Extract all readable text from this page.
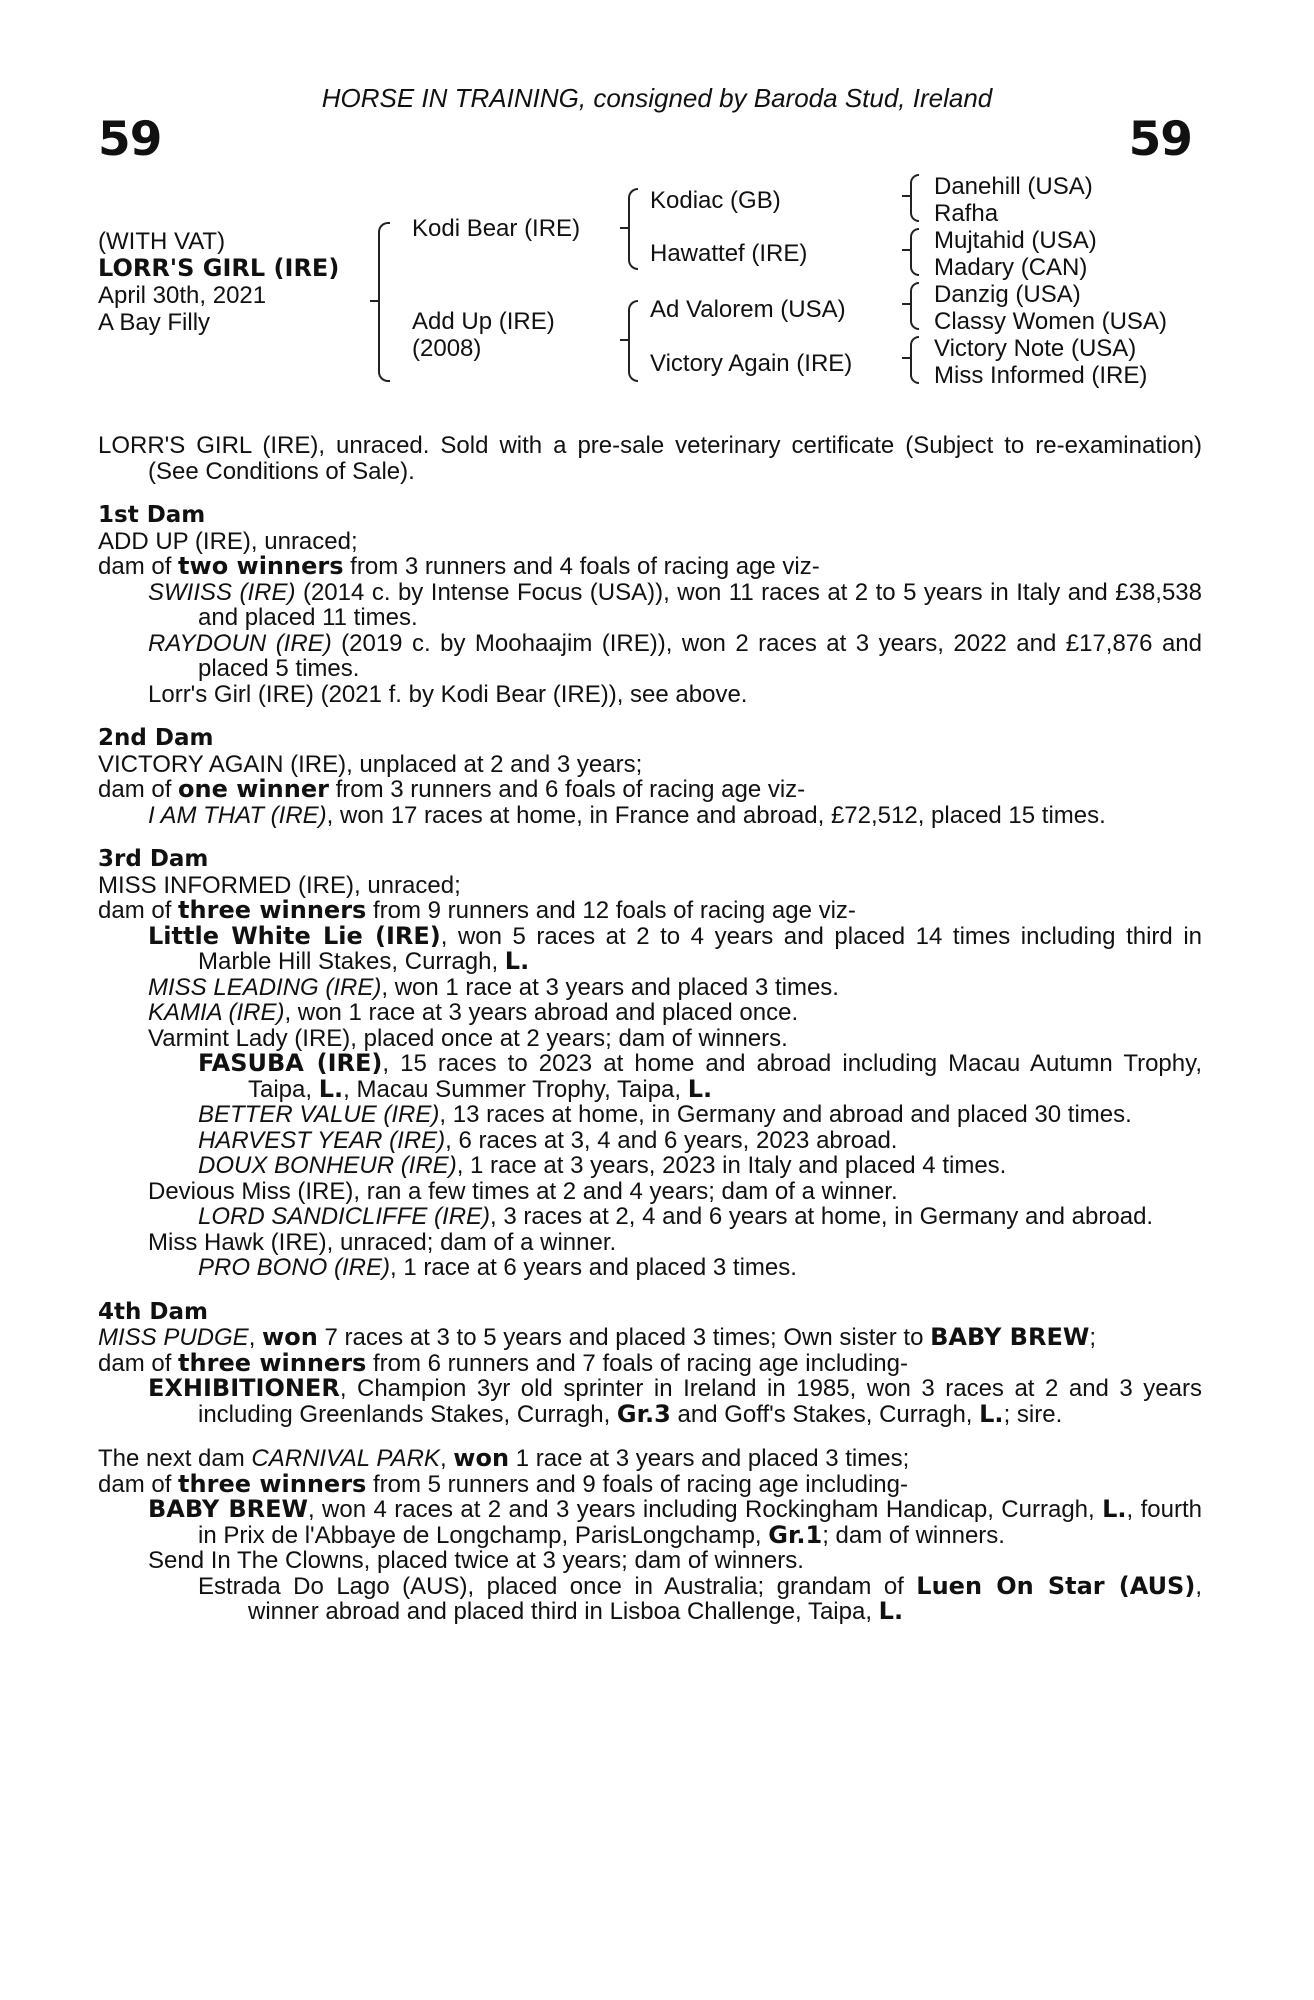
HORSE IN TRAINING, consigned by Baroda Stud, Ireland
59	59
(WITH VAT)
LORR'S GIRL (IRE)
April 30th, 2021
A Bay Filly
Kodi Bear (IRE)
Add Up (IRE)
(2008)
Kodiac (GB)
Hawattef (IRE)
Ad Valorem (USA)
Victory Again (IRE)
Danehill (USA)
Rafha
Mujtahid (USA)
Madary (CAN)
Danzig (USA)
Classy Women (USA)
Victory Note (USA)
Miss Informed (IRE)
LORR'S GIRL (IRE), unraced. Sold with a pre-sale veterinary certificate (Subject to re-examination) (See Conditions of Sale).
1st Dam
ADD UP (IRE), unraced;
dam of two winners from 3 runners and 4 foals of racing age viz-
SWIISS (IRE) (2014 c. by Intense Focus (USA)), won 11 races at 2 to 5 years in Italy and £38,538 and placed 11 times.
RAYDOUN (IRE) (2019 c. by Moohaajim (IRE)), won 2 races at 3 years, 2022 and £17,876 and placed 5 times.
Lorr's Girl (IRE) (2021 f. by Kodi Bear (IRE)), see above.
2nd Dam
VICTORY AGAIN (IRE), unplaced at 2 and 3 years;
dam of one winner from 3 runners and 6 foals of racing age viz-
I AM THAT (IRE), won 17 races at home, in France and abroad, £72,512, placed 15 times.
3rd Dam
MISS INFORMED (IRE), unraced;
dam of three winners from 9 runners and 12 foals of racing age viz-
Little White Lie (IRE), won 5 races at 2 to 4 years and placed 14 times including third in Marble Hill Stakes, Curragh, L.
MISS LEADING (IRE), won 1 race at 3 years and placed 3 times.
KAMIA (IRE), won 1 race at 3 years abroad and placed once.
Varmint Lady (IRE), placed once at 2 years; dam of winners.
FASUBA (IRE), 15 races to 2023 at home and abroad including Macau Autumn Trophy, Taipa, L., Macau Summer Trophy, Taipa, L.
BETTER VALUE (IRE), 13 races at home, in Germany and abroad and placed 30 times.
HARVEST YEAR (IRE), 6 races at 3, 4 and 6 years, 2023 abroad.
DOUX BONHEUR (IRE), 1 race at 3 years, 2023 in Italy and placed 4 times.
Devious Miss (IRE), ran a few times at 2 and 4 years; dam of a winner.
LORD SANDICLIFFE (IRE), 3 races at 2, 4 and 6 years at home, in Germany and abroad.
Miss Hawk (IRE), unraced; dam of a winner.
PRO BONO (IRE), 1 race at 6 years and placed 3 times.
4th Dam
MISS PUDGE, won 7 races at 3 to 5 years and placed 3 times; Own sister to BABY BREW;
dam of three winners from 6 runners and 7 foals of racing age including-
EXHIBITIONER, Champion 3yr old sprinter in Ireland in 1985, won 3 races at 2 and 3 years including Greenlands Stakes, Curragh, Gr.3 and Goff's Stakes, Curragh, L.; sire.
The next dam CARNIVAL PARK, won 1 race at 3 years and placed 3 times;
dam of three winners from 5 runners and 9 foals of racing age including-
BABY BREW, won 4 races at 2 and 3 years including Rockingham Handicap, Curragh, L., fourth in Prix de l'Abbaye de Longchamp, ParisLongchamp, Gr.1; dam of winners.
Send In The Clowns, placed twice at 3 years; dam of winners.
Estrada Do Lago (AUS), placed once in Australia; grandam of Luen On Star (AUS), winner abroad and placed third in Lisboa Challenge, Taipa, L.
